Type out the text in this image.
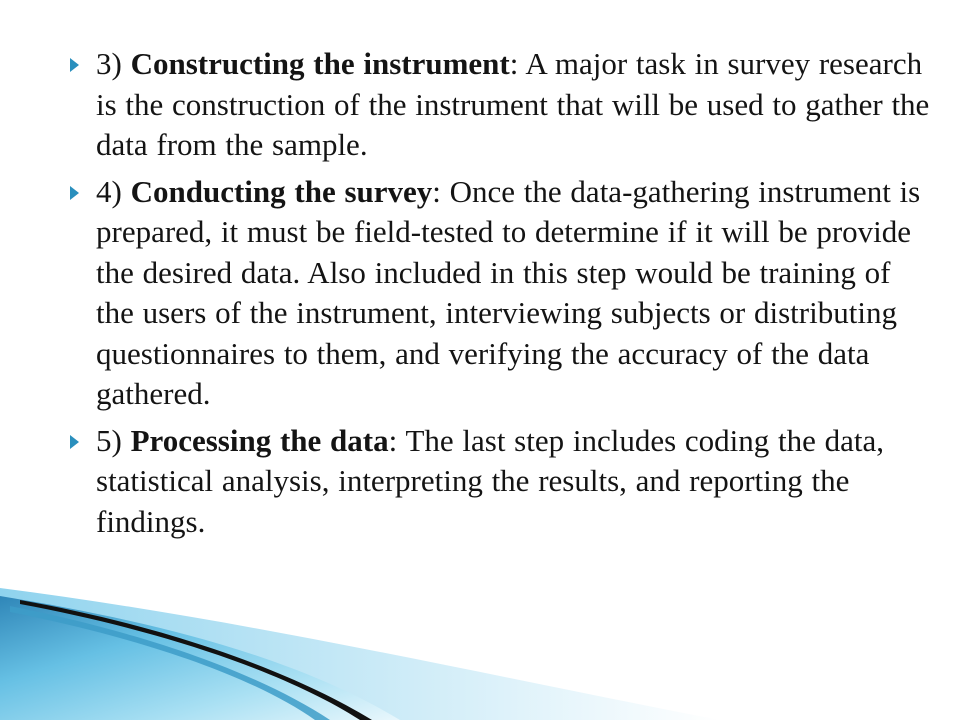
3) Constructing the instrument: A major task in survey research is the construction of the instrument that will be used to gather the data from the sample.
4) Conducting the survey: Once the data-gathering instrument is prepared, it must be field-tested to determine if it will be provide the desired data. Also included in this step would be training of the users of the instrument, interviewing subjects or distributing questionnaires to them, and verifying the accuracy of the data gathered.
5) Processing the data: The last step includes coding the data, statistical analysis, interpreting the results, and reporting the findings.
